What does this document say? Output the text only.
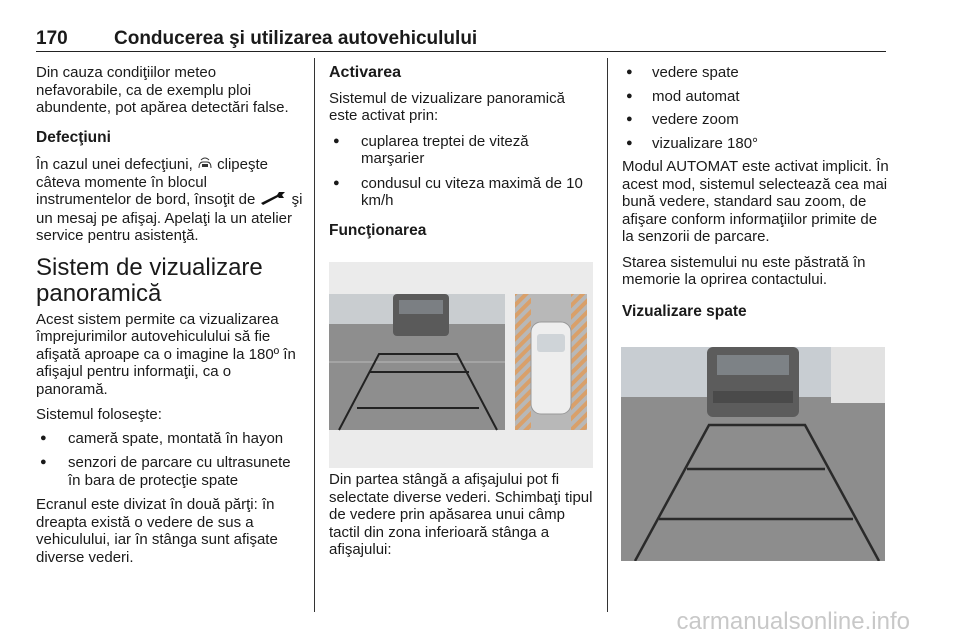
170 Conducerea şi utilizarea autovehiculului

Din cauza condiţiilor meteo nefavorabile, ca de exemplu ploi abundente, pot apărea detectări false.

Defecţiuni

În cazul unei defecţiuni, clipeşte câteva momente în blocul instrumentelor de bord, însoţit de şi un mesaj pe afişaj. Apelaţi la un atelier service pentru asistenţă.

Sistem de vizualizare panoramică

Acest sistem permite ca vizualizarea împrejurimilor autovehiculului să fie afişată aproape ca o imagine la 180º în afişajul pentru informaţii, ca o panoramă.

Sistemul foloseşte:

● cameră spate, montată în hayon
● senzori de parcare cu ultrasunete în bara de protecţie spate

Ecranul este divizat în două părţi: în dreapta există o vedere de sus a vehiculului, iar în stânga sunt afişate diverse vederi.

Activarea

Sistemul de vizualizare panoramică este activat prin:

● cuplarea treptei de viteză marşarier
● condusul cu viteza maximă de 10 km/h
Funcţionarea

Din partea stângă a afişajului pot fi selectate diverse vederi. Schimbaţi tipul de vedere prin apăsarea unui câmp tactil din zona inferioară stânga a afişajului:

● vedere spate
● mod automat
● vedere zoom
● vizualizare 180°

Modul AUTOMAT este activat implicit. În acest mod, sistemul selectează cea mai bună vedere, standard sau zoom, de afişare conform informaţiilor primite de la senzorii de parcare.

Starea sistemului nu este păstrată în memorie la oprirea contactului.

Vizualizare spate
carmanualsonline.info
